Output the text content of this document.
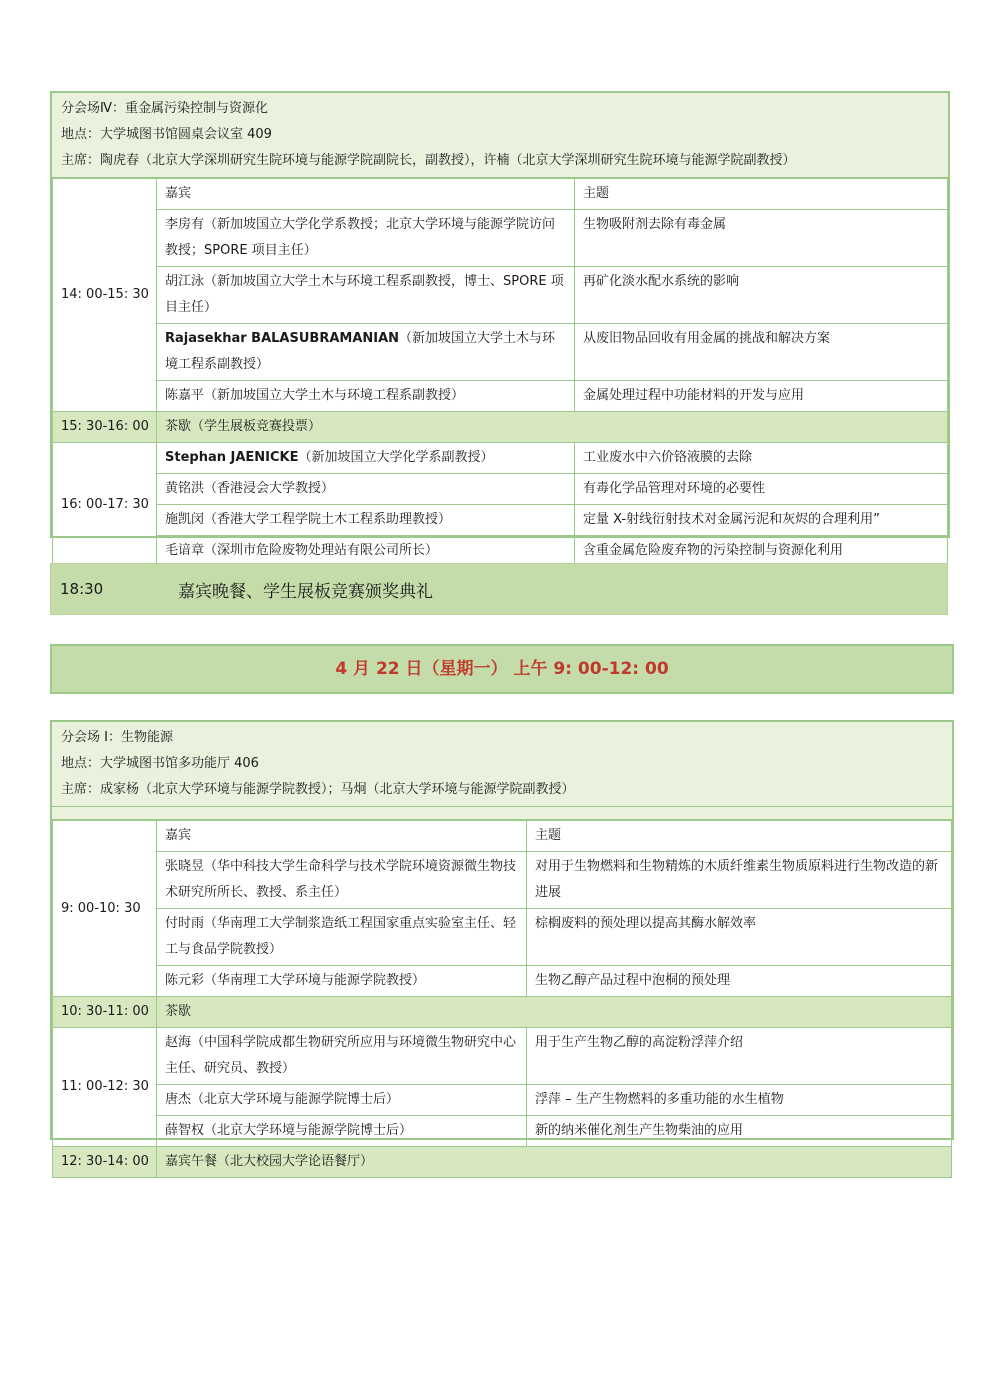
分会场Ⅳ：重金属污染控制与资源化
地点：大学城图书馆圆桌会议室 409
主席：陶虎春（北京大学深圳研究生院环境与能源学院副院长，副教授），许楠（北京大学深圳研究生院环境与能源学院副教授）
14: 00-15: 30	嘉宾	主题
	李房有（新加坡国立大学化学系教授；北京大学环境与能源学院访问教授；SPORE 项目主任）	生物吸附剂去除有毒金属
	胡江泳（新加坡国立大学土木与环境工程系副教授，博士、SPORE 项目主任）	再矿化淡水配水系统的影响
	Rajasekhar BALASUBRAMANIAN（新加坡国立大学土木与环境工程系副教授）	从废旧物品回收有用金属的挑战和解决方案
	陈嘉平（新加坡国立大学土木与环境工程系副教授）	金属处理过程中功能材料的开发与应用
15: 30-16: 00	茶歇（学生展板竞赛投票）	
16: 00-17: 30	Stephan JAENICKE（新加坡国立大学化学系副教授）	工业废水中六价铬液膜的去除
	黄铭洪（香港浸会大学教授）	有毒化学品管理对环境的必要性
	施凯闵（香港大学工程学院土木工程系助理教授）	定量 X-射线衍射技术对金属污泥和灰烬的合理利用”
	毛谙章（深圳市危险废物处理站有限公司所长）	含重金属危险废弃物的污染控制与资源化利用
18:30	嘉宾晚餐、学生展板竞赛颁奖典礼
4 月 22 日（星期一） 上午 9: 00-12: 00
分会场 I：生物能源
地点：大学城图书馆多功能厅 406
主席：成家杨（北京大学环境与能源学院教授）；马炯（北京大学环境与能源学院副教授）
9: 00-10: 30	嘉宾	主题
	张晓昱（华中科技大学生命科学与技术学院环境资源微生物技术研究所所长、教授、系主任）	对用于生物燃料和生物精炼的木质纤维素生物质原料进行生物改造的新进展
	付时雨（华南理工大学制浆造纸工程国家重点实验室主任、轻工与食品学院教授）	棕榈废料的预处理以提高其酶水解效率
	陈元彩（华南理工大学环境与能源学院教授）	生物乙醇产品过程中泡桐的预处理
10: 30-11: 00	茶歇	
11: 00-12: 30	赵海（中国科学院成都生物研究所应用与环境微生物研究中心主任、研究员、教授）	用于生产生物乙醇的高淀粉浮萍介绍
	唐杰（北京大学环境与能源学院博士后）	浮萍 – 生产生物燃料的多重功能的水生植物
	薛智权（北京大学环境与能源学院博士后）	新的纳米催化剂生产生物柴油的应用
12: 30-14: 00	嘉宾午餐（北大校园大学论语餐厅）	
